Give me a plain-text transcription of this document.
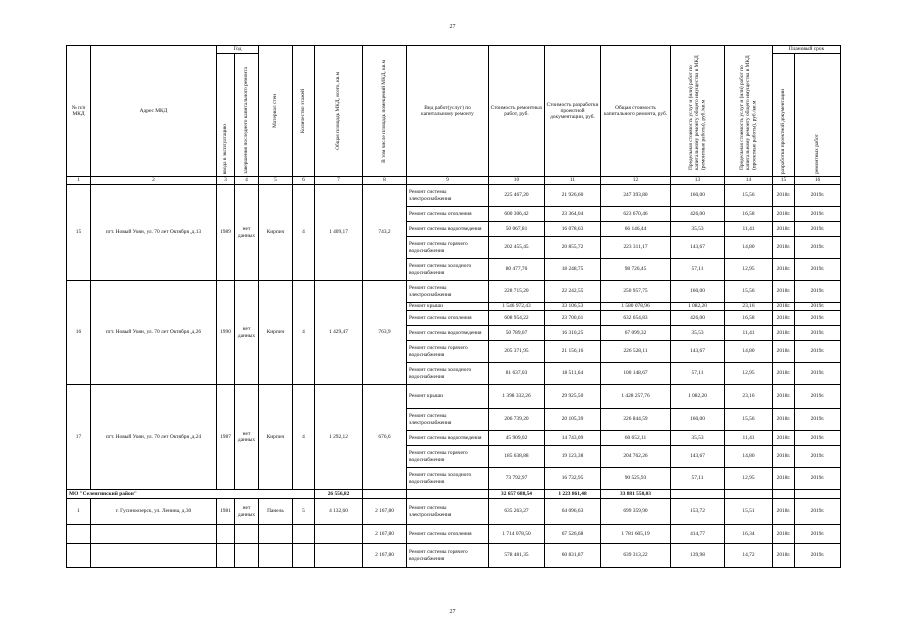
27
№ п/п МКД	Адрес МКД	Год		Материал стен	Количество этажей	Общая площадь МКД, всего, кв.м	В том числе площадь помещений МКД, кв.м	Вид работ(услуг) по капитальному ремонту	Стоимость ремонтных работ, руб.	Стоимость разработки проектной документации, руб.	Общая стоимость капитального ремонта, руб.	Предельная стоимость услуг и (или) работ по капитальному ремонту общего имущества в МКД (ремонтные работы), руб./кв.м	Предельная стоимость услуг и (или) работ по капитальному ремонту общего имущества в МКД (проектные работы), руб./кв.м	Плановый срок	

		ввода в эксплуатацию	завершения последнего капитального ремонта											разработки проектной документации	ремонтных работ

1	2	3	4	5	6	7	8	9	10	11	12	13	14	15	16
15	пгт. Новый Уоян, ул. 70 лет Октября ,д.13	1989	нет данных	Кирпич	4	1 409,17	743,2	Ремонт системы электроснабжения	225 467,20	21 926,60	247 393,80	160,00	15,56	2018г.	2019г.
								Ремонт системы отопления	600 306,42	23 364,04	623 670,46	426,00	16,58	2018г.	2019г.
								Ремонт системы водоотведения	50 067,81	16 078,63	66 146,44	35,53	11,41	2018г.	2019г.
								Ремонт системы горячего водоснабжения	202 455,45	20 855,72	223 311,17	143,67	14,80	2018г.	2019г.
								Ремонт системы холодного водоснабжения	80 477,70	18 248,75	98 726,45	57,11	12,95	2018г.	2019г.
16	пгт. Новый Уоян, ул. 70 лет Октября ,д.26	1990	нет данных	Кирпич	4	1 429,47	763,9	Ремонт системы электроснабжения	228 715,20	22 242,55	250 957,75	160,00	15,56	2018г.	2019г.
								Ремонт крыши	1 546 972,43	33 106,53	1 580 078,96	1 082,20	23,16	2018г.	2019г.
								Ремонт системы отопления	608 954,22	23 700,61	632 654,83	426,00	16,58	2018г.	2019г.
								Ремонт системы водоотведения	50 789,07	16 310,25	67 099,32	35,53	11,41	2018г.	2019г.
								Ремонт системы горячего водоснабжения	205 371,95	21 156,16	226 528,11	143,67	14,80	2018г.	2019г.
								Ремонт системы холодного водоснабжения	81 637,03	18 511,64	100 148,67	57,11	12,95	2018г.	2019г.
17	пгт. Новый Уоян, ул. 70 лет Октября ,д.24	1987	нет данных	Кирпич	4	1 292,12	676,6	Ремонт крыши	1 398 332,26	29 925,50	1 428 257,76	1 082,20	23,16	2018г.	2019г.
								Ремонт системы электроснабжения	206 739,20	20 105,39	226 844,59	160,00	15,56	2018г.	2019г.
								Ремонт системы водоотведения	45 909,02	14 743,09	60 652,11	35,53	11,41	2018г.	2019г.
								Ремонт системы горячего водоснабжения	185 638,88	19 123,38	204 762,26	143,67	14,80	2018г.	2019г.
								Ремонт системы холодного водоснабжения	73 792,97	16 732,95	90 525,93	57,11	12,95	2018г.	2019г.
МО "Селенгинский район"						26 556,82			32 657 688,54	1 223 861,48	33 881 550,03				
1	г. Гусиноозерск, ул. Ленина, д.30	1981	нет данных	Панель	5	4 132,60	2 167,80	Ремонт системы электроснабжения	635 263,27	64 096,63	699 359,90	153,72	15,51	2018г.	2019г.
							2 167,80	Ремонт системы отопления	1 714 078,50	67 526,68	1 781 605,19	414,77	16,34	2018г.	2019г.
							2 167,80	Ремонт системы горячего водоснабжения	578 481,35	60 831,87	639 313,22	139,98	14,72	2018г.	2019г.
27
